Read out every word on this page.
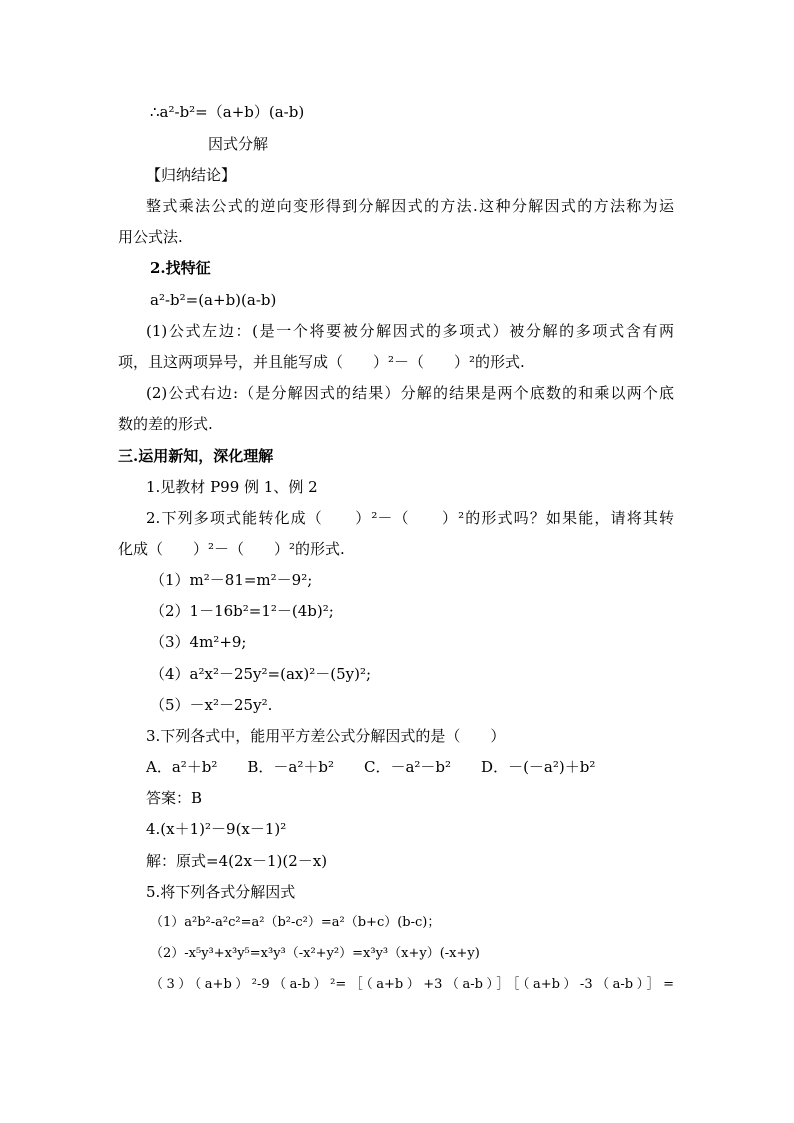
∴a²-b²=（a+b）(a-b)
因式分解
【归纳结论】
整式乘法公式的逆向变形得到分解因式的方法.这种分解因式的方法称为运
用公式法.
2.找特征
a²-b²=(a+b)(a-b)
(1)公式左边：(是一个将要被分解因式的多项式）被分解的多项式含有两
项，且这两项异号，并且能写成（　　）²－（　　）²的形式.
(2)公式右边:（是分解因式的结果）分解的结果是两个底数的和乘以两个底
数的差的形式.
三.运用新知，深化理解
1.见教材 P99 例 1、例 2
2.下列多项式能转化成（　　）²－（　　）²的形式吗？如果能，请将其转
化成（　　）²－（　　）²的形式.
（1）m²－81=m²－9²;
（2）1－16b²=1²－(4b)²;
（3）4m²+9;
（4）a²x²－25y²=(ax)²－(5y)²;
（5）－x²－25y².
3.下列各式中，能用平方差公式分解因式的是（　　）
A．a²＋b²　　B．－a²＋b²　　C．－a²－b²　　D．－(－a²)＋b²
答案：B
4.(x＋1)²－9(x－1)²
解：原式=4(2x－1)(2－x)
5.将下列各式分解因式
（1）a²b²-a²c²=a²（b²-c²）=a²（b+c）(b-c)；
（2）-x⁵y³+x³y⁵=x³y³（-x²+y²）=x³y³（x+y）(-x+y)
（3）（a+b）²-9（a-b）²=［（a+b）+3（a-b）］［（a+b）-3（a-b）］=
